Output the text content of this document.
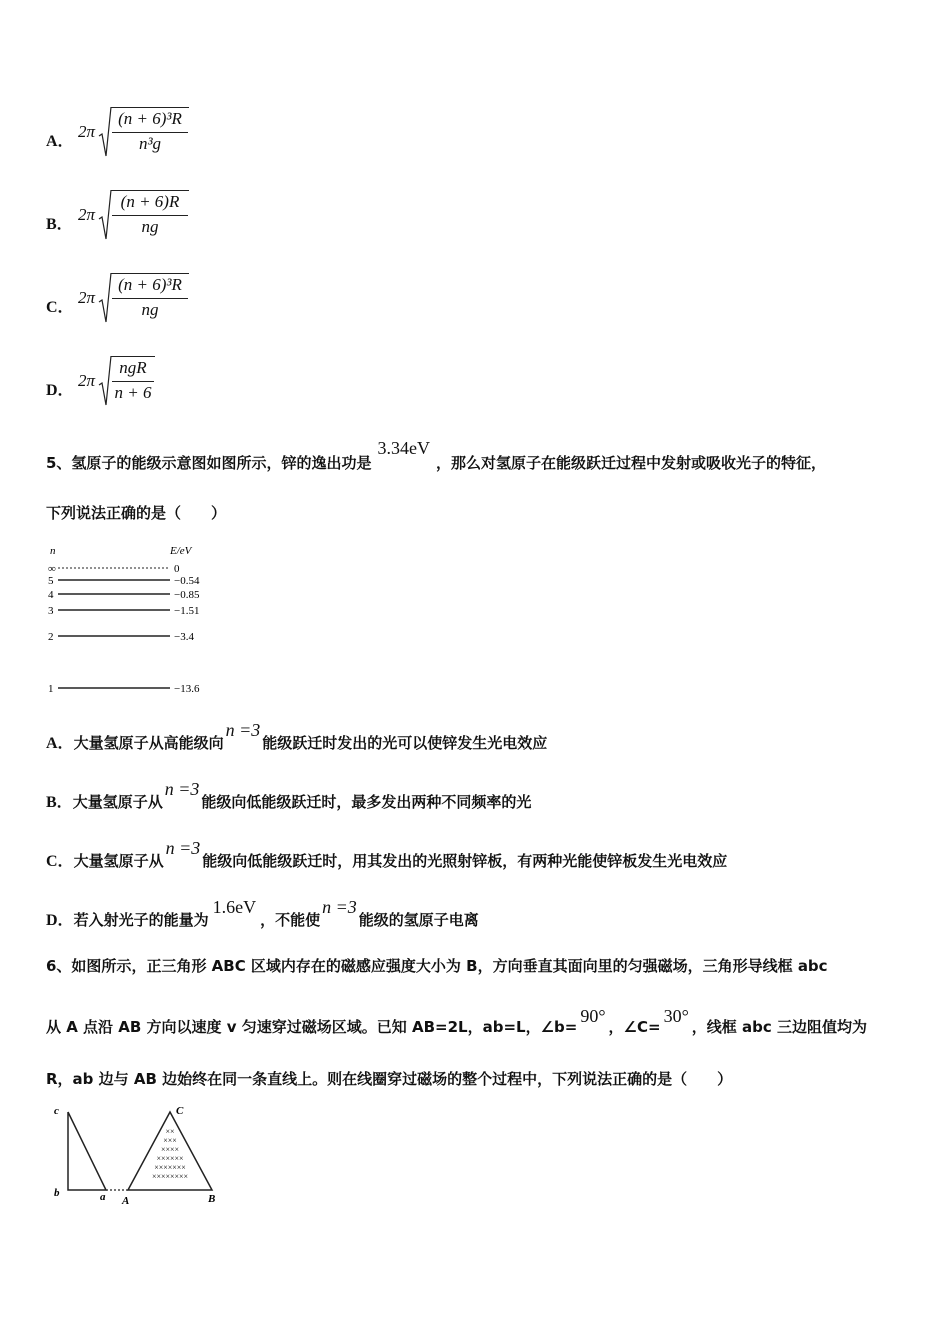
A．
2π
(n + 6)³R
n³g
B．
2π
(n + 6)R
ng
C．
2π
(n + 6)³R
ng
D．
2π
ngR
n + 6
5、氢原子的能级示意图如图所示，锌的逸出功是3.34eV，那么对氢原子在能级跃迁过程中发射或吸收光子的特征，
下列说法正确的是（　　）
n	E/eV
∞	0
5	−0.54
4	−0.85
3	−1.51
2	−3.4
1	−13.6
A．大量氢原子从高能级向n =3能级跃迁时发出的光可以使锌发生光电效应
B．大量氢原子从n =3能级向低能级跃迁时，最多发出两种不同频率的光
C．大量氢原子从n =3能级向低能级跃迁时，用其发出的光照射锌板，有两种光能使锌板发生光电效应
D．若入射光子的能量为1.6eV，不能使n =3能级的氢原子电离
6、如图所示，正三角形 ABC 区域内存在的磁感应强度大小为 B，方向垂直其面向里的匀强磁场，三角形导线框 abc
从 A 点沿 AB 方向以速度 v 匀速穿过磁场区域。已知 AB=2L，ab=L，∠b=90°，∠C=30°，线框 abc 三边阻值均为
R，ab 边与 AB 边始终在同一条直线上。则在线圈穿过磁场的整个过程中，下列说法正确的是（　　）
c
b	a A	B
C
××
×××
××××
××××××
×××××××
××××××××
